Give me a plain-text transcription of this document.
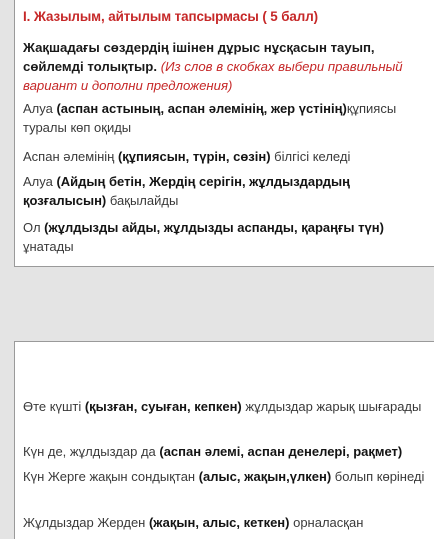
І. Жазылым, айтылым тапсырмасы ( 5 балл)
Жақшадағы сөздердің ішінен дұрыс нұсқасын тауып, сөйлемді толықтыр. (Из слов в скобках выбери правильный вариант и дополни предложения)
Алуа (аспан астының, аспан әлемінің, жер үстінің)құпиясы туралы көп оқиды
Аспан әлемінің (құпиясын, түрін, сөзін) білгісі келеді
Алуа (Айдың бетін, Жердің серігін, жұлдыздардың қозғалысын) бақылайды
Ол (жұлдызды айды, жұлдызды аспанды, қараңғы түн) ұнатады
Өте күшті (қызған, суыған, кепкен) жұлдыздар жарық шығарады
Күн де, жұлдыздар да (аспан әлемі, аспан денелері, рақмет)
Күн Жерге жақын сондықтан (алыс, жақын,үлкен) болып көрінеді
Жұлдыздар Жерден (жақын, алыс, кеткен) орналасқан
